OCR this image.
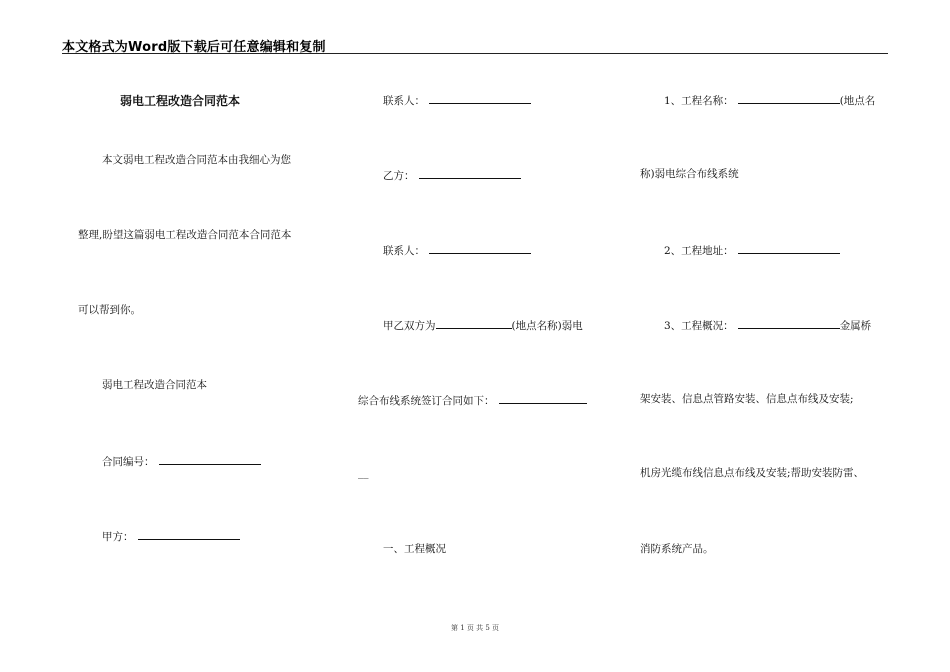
本文格式为Word版下载后可任意编辑和复制
弱电工程改造合同范本
本文弱电工程改造合同范本由我细心为您
整理,盼望这篇弱电工程改造合同范本合同范本
可以帮到你。
弱电工程改造合同范本
合同编号：
甲方：
联系人：
乙方：
联系人：
甲乙双方为	(地点名称)弱电
综合布线系统签订合同如下：
__
一、工程概况
1、工程名称：	(地点名
称)弱电综合布线系统
2、工程地址：
3、工程概况：	金属桥
架安装、信息点管路安装、信息点布线及安装;
机房光缆布线信息点布线及安装;帮助安装防雷、
消防系统产品。
第 1 页 共 5 页
